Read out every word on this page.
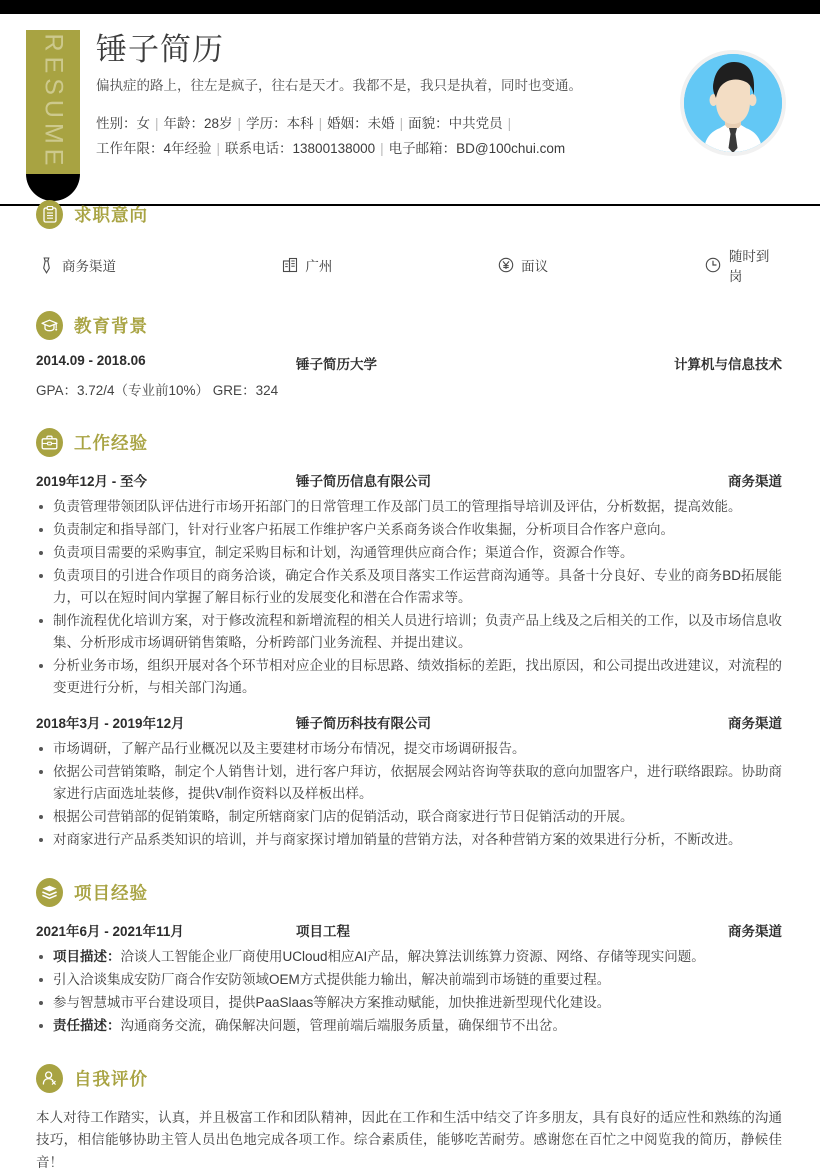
RESUME 锤子简历
偏执症的路上，往左是疯子，往右是天才。我都不是，我只是执着，同时也变通。
性别：女 | 年龄：28岁 | 学历：本科 | 婚姻：未婚 | 面貌：中共党员 |
工作年限：4年经验 | 联系电话：13800138000 | 电子邮箱：BD@100chui.com
求职意向
商务渠道	广州	面议
随时到岗
教育背景
2014.09 - 2018.06	锤子简历大学	计算机与信息技术
GPA：3.72/4（专业前10%） GRE：324
工作经验
2019年12月 - 至今	锤子简历信息有限公司	商务渠道
负责管理带领团队评估进行市场开拓部门的日常管理工作及部门员工的管理指导培训及评估，分析数据，提高效能。
负责制定和指导部门，针对行业客户拓展工作维护客户关系商务谈合作收集掘，分析项目合作客户意向。
负责项目需要的采购事宜，制定采购目标和计划，沟通管理供应商合作；渠道合作，资源合作等。
负责项目的引进合作项目的商务洽谈，确定合作关系及项目落实工作运营商沟通等。具备十分良好、专业的商务BD拓展能力，可以在短时间内掌握了解目标行业的发展变化和潜在合作需求等。
制作流程优化培训方案，对于修改流程和新增流程的相关人员进行培训；负责产品上线及之后相关的工作，以及市场信息收集、分析形成市场调研销售策略，分析跨部门业务流程、并提出建议。
分析业务市场，组织开展对各个环节相对应企业的目标思路、绩效指标的差距，找出原因，和公司提出改进建议，对流程的变更进行分析，与相关部门沟通。
2018年3月 - 2019年12月	锤子简历科技有限公司	商务渠道
市场调研，了解产品行业概况以及主要建材市场分布情况，提交市场调研报告。
依据公司营销策略，制定个人销售计划，进行客户拜访，依据展会网站咨询等获取的意向加盟客户，进行联络跟踪。协助商家进行店面选址装修，提供V制作资料以及样板出样。
根据公司营销部的促销策略，制定所辖商家门店的促销活动，联合商家进行节日促销活动的开展。
对商家进行产品系类知识的培训，并与商家探讨增加销量的营销方法，对各种营销方案的效果进行分析，不断改进。
项目经验
2021年6月 - 2021年11月	项目工程	商务渠道
项目描述：洽谈人工智能企业厂商使用UCloud相应AI产品，解决算法训练算力资源、网络、存储等现实问题。
引入洽谈集成安防厂商合作安防领域OEM方式提供能力输出，解决前端到市场链的重要过程。
参与智慧城市平台建设项目，提供PaaSlaas等解决方案推动赋能，加快推进新型现代化建设。
责任描述：沟通商务交流，确保解决问题，管理前端后端服务质量，确保细节不出岔。
自我评价
本人对待工作踏实，认真，并且极富工作和团队精神，因此在工作和生活中结交了许多朋友，具有良好的适应性和熟练的沟通技巧，相信能够协助主管人员出色地完成各项工作。综合素质佳，能够吃苦耐劳。感谢您在百忙之中阅览我的简历，静候佳音！
